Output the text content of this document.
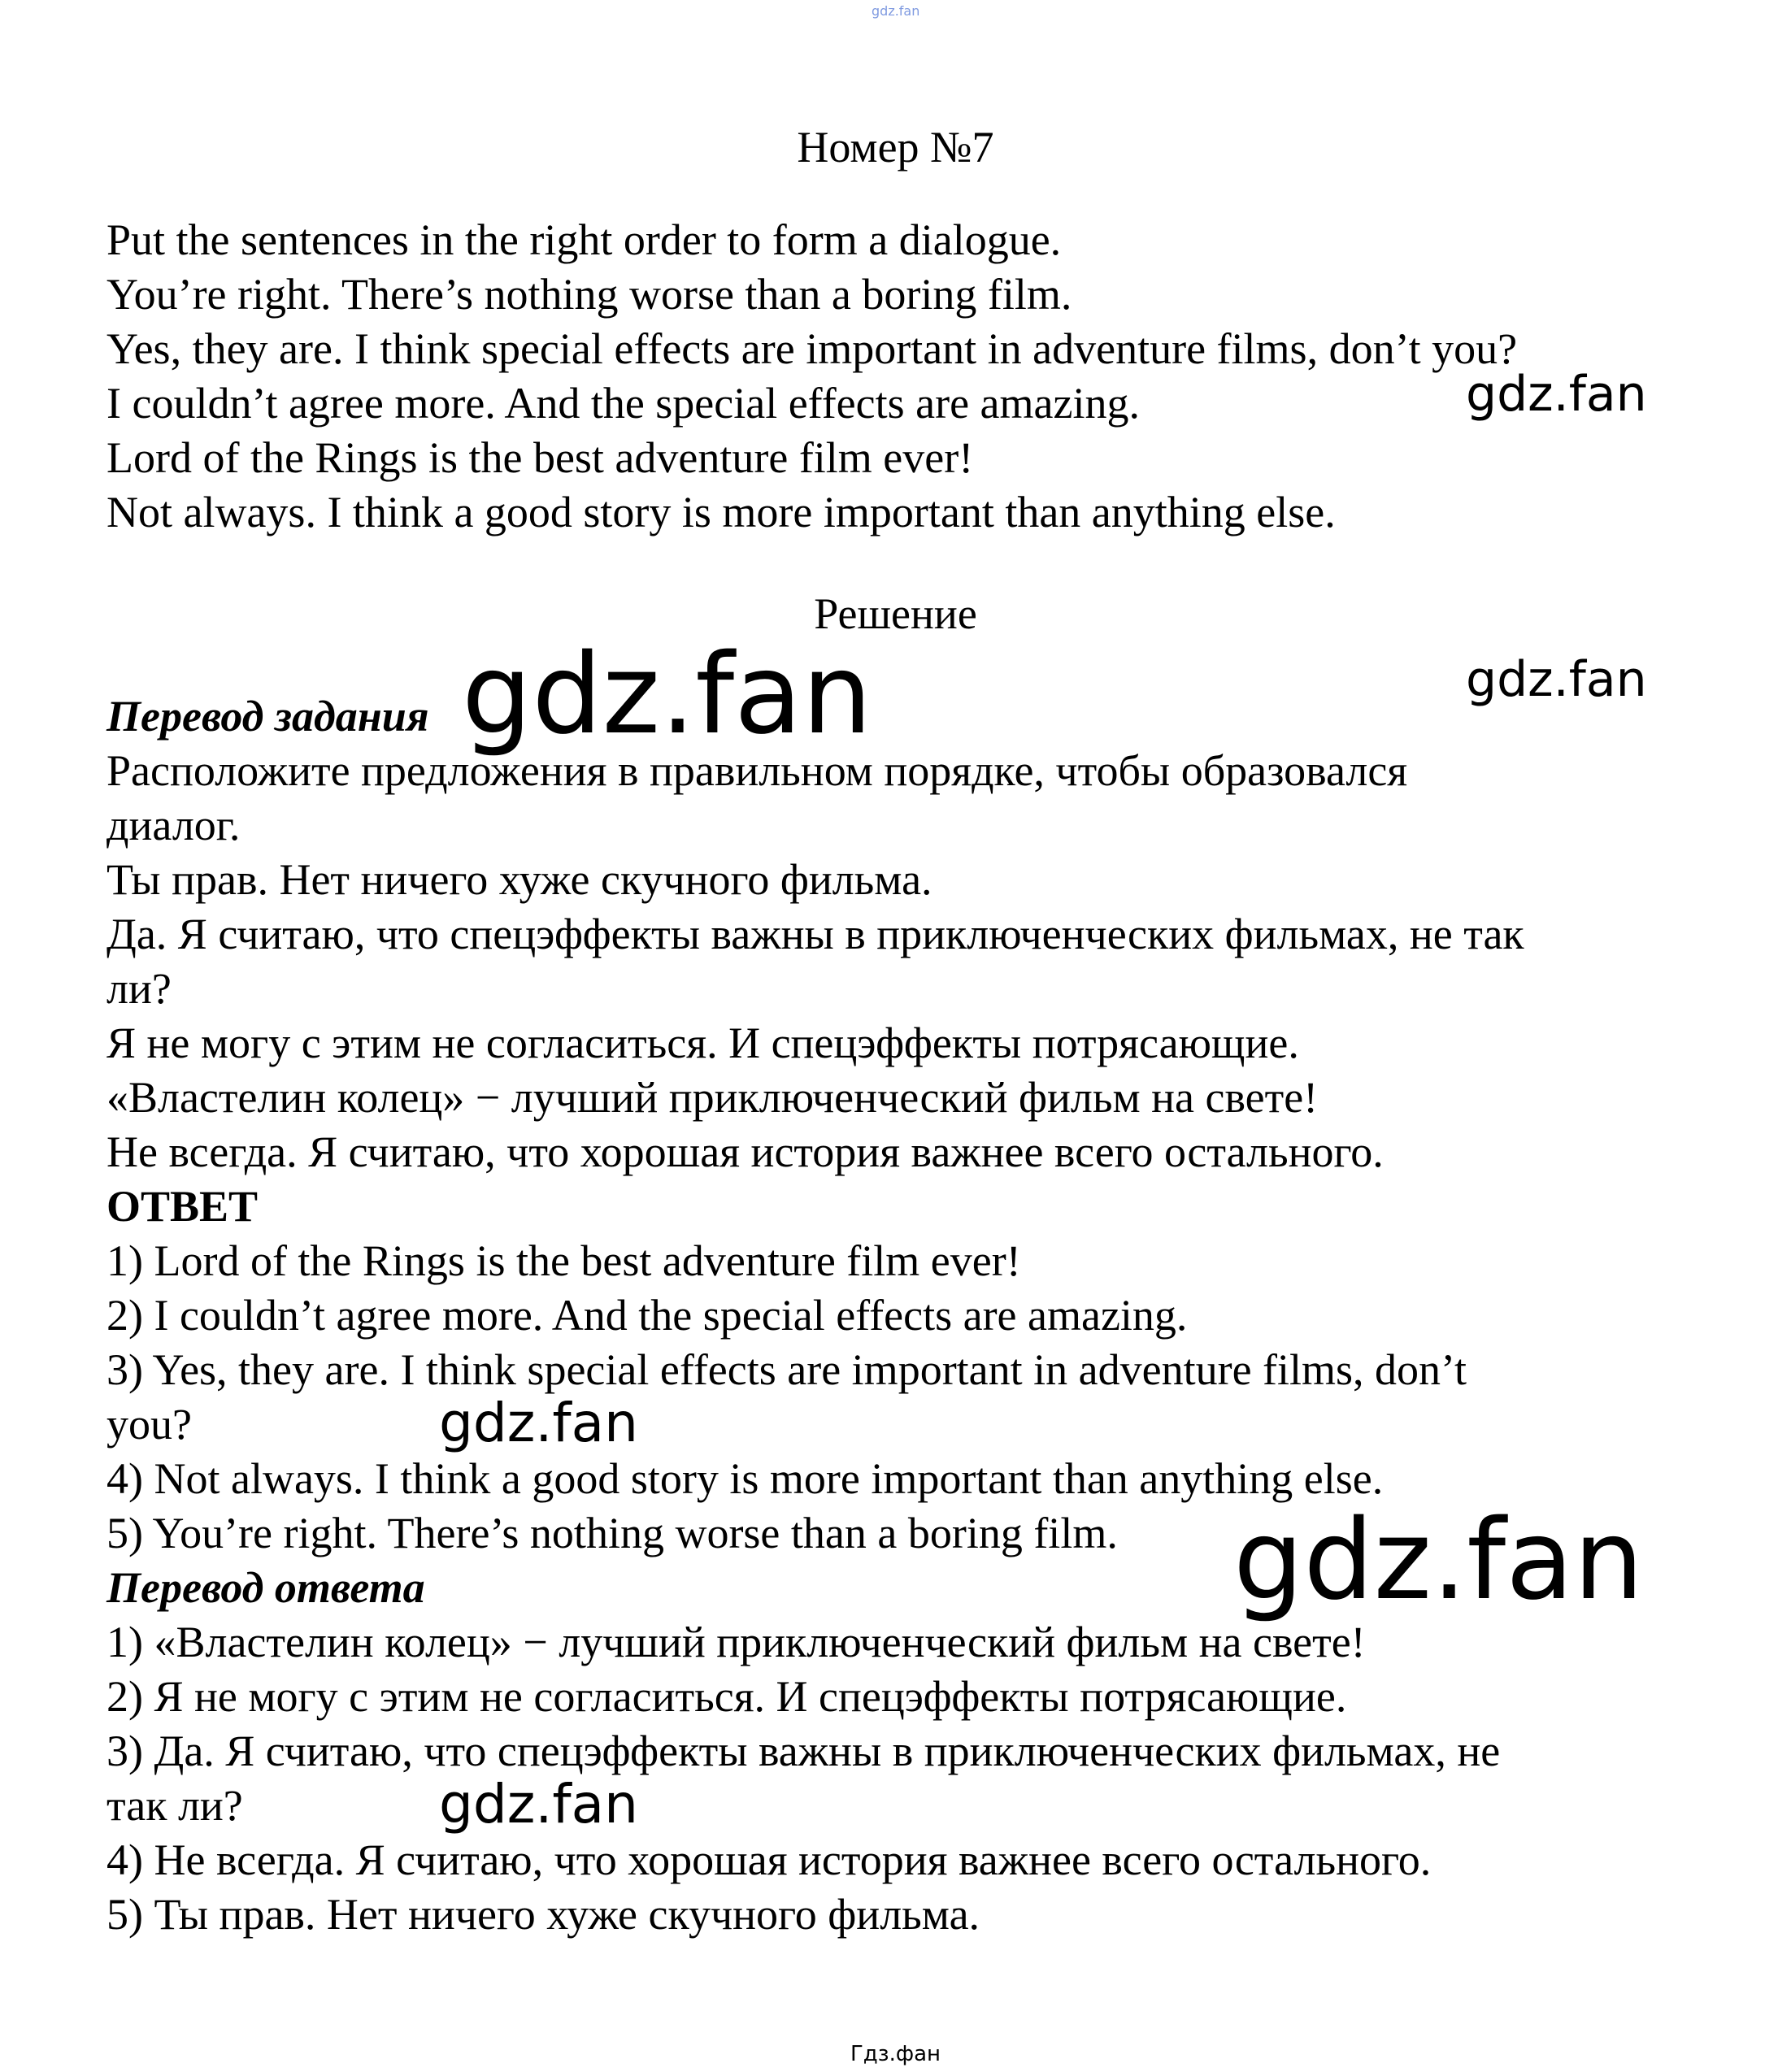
gdz.fan
Номер №7
Put the sentences in the right order to form a dialogue.
You’re right. There’s nothing worse than a boring film.
Yes, they are. I think special effects are important in adventure films, don’t you?
I couldn’t agree more. And the special effects are amazing.
Lord of the Rings is the best adventure film ever!
Not always. I think a good story is more important than anything else.
Решение
Перевод задания
Расположите предложения в правильном порядке, чтобы образовался
диалог.
Ты прав. Нет ничего хуже скучного фильма.
Да. Я считаю, что спецэффекты важны в приключенческих фильмах, не так
ли?
Я не могу с этим не согласиться. И спецэффекты потрясающие.
«Властелин колец» − лучший приключенческий фильм на свете!
Не всегда. Я считаю, что хорошая история важнее всего остального.
ОТВЕТ
1) Lord of the Rings is the best adventure film ever!
2) I couldn’t agree more. And the special effects are amazing.
3) Yes, they are. I think special effects are important in adventure films, don’t
you?
4) Not always. I think a good story is more important than anything else.
5) You’re right. There’s nothing worse than a boring film.
Перевод ответа
1) «Властелин колец» − лучший приключенческий фильм на свете!
2) Я не могу с этим не согласиться. И спецэффекты потрясающие.
3) Да. Я считаю, что спецэффекты важны в приключенческих фильмах, не
так ли?
4) Не всегда. Я считаю, что хорошая история важнее всего остального.
5) Ты прав. Нет ничего хуже скучного фильма.
gdz.fan
gdz.fan	gdz.fan
gdz.fan
gdz.fan
gdz.fan
Гдз.фан
